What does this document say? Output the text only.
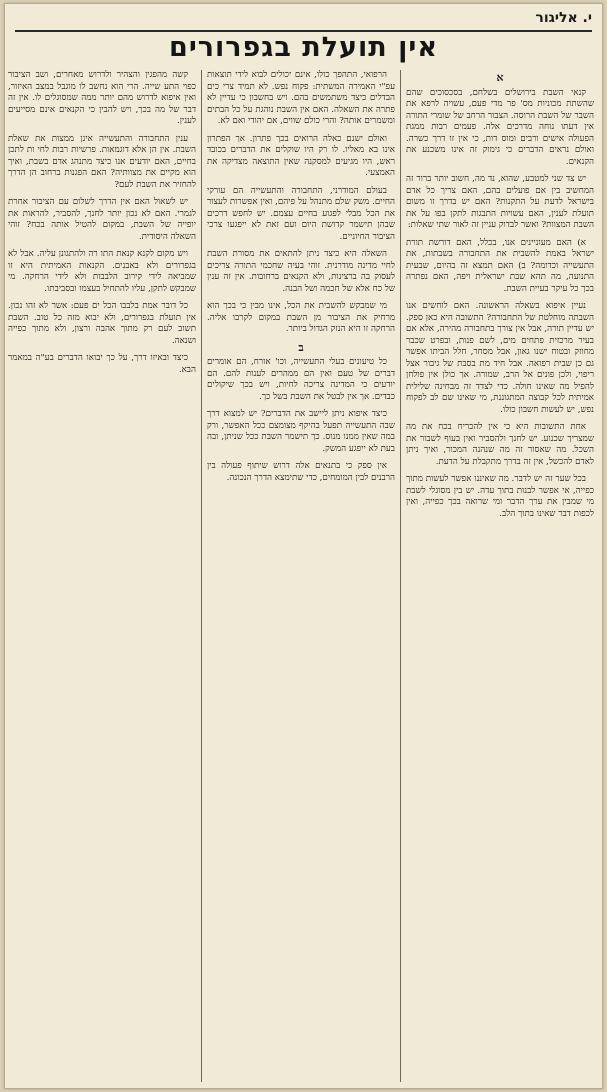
י. אליגור
אין תועלת בגפרורים

א

קנאי השבת בירושלים בשלחם, בסכסוכים שהם שהשתת מכוניות מס' פר מדי פעם, עשויה לרפא את השבר של השבת הרוסה. הצבור הרחב של שומרי התורה אין דעתו נוחה מדרכים אלה. פעמים רבות ממגת הפעולה אישים ורבים ומוס דות, כי אין זו דרך כשרה. ואולם נראים הדברים כי גימוק זה אינו משכנע את הקנאים.

יש צד שני למטבע, שהוא, נד מה, חשוב יותר ברור זה המחשיב בין אם פועלים בהם, האם צריך כל אדם בישראל לדעת על התקנות? האם יש בדרך זו משום תועלת לענין, האם עשויות התבגות לתקן בפו על את השבת המצוות? ואשר לבדוק עניין זה לאור שתי שאלות:

א) האם מעוניינים אנו, בכלל, האם דורשת תורת ישראל באמת להשבית את התחבורה בשבתות, את התעשייה וכדומה? ב) האם תמצא זה בהיום, שבעית התנועה, מה תהא שבת ישראלית ויפה, האם נפתרה בכך כל עיקר בעיית השבת.

נעיין איפוא בשאלה הראשונה. האם לוחשים אנו השבתה מוחלטת של התחבורה? התשובה היא כאן ספק. יש עדיין תורה, אבל אין צורך בתחבורה מהירה, אלא אם בעיר מרכזית פתחים מים, לשם פנות, ובפרט שכבר מחוזק ובטוח ישנו גאון, אבל מסחר, חלל הביתו אפשר גם כן שבית רפואה. אבל חיד מת בסבת של גיבור אצל ריפוי, ולכן פונים אל הרב, שמורה. אך כולן אין פולחן להפיל מה שאינו חולה. כדי לצדד זה מבחינה שלילית אמיתית לכל קבוצה המתגוננת, מי שאינו שם לב לפקוח נפש, יש לעשות חשבון כולו.

אחת התשובות היא כי אין להכריח בכח את מה שמצריך שכנוע. יש לחנך ולהסביר ואין בעוף לשבור את השכל. מה שאסור זה מה שנהנה המכור, ואיך ניתן לאדם להכשל, אין זה בדרך מתקבלת על הדעת.

בכל שער זה יש לדבר. מה שאיננו אפשר לעשות מתוך כפייה, אי אפשר לבנות בתוך עדה. יש בין מסוגלי לשבת מי שמבין את ערך הדבר ומי שרואה בכך כפייה, ואין לכפות דבר שאינו בתוך הלב.

הרפואי, התהפך כולו, אינם יכולים לבוא לידי תוצאות עפ"י האמירה המשתית: פקוח נפש. לא תמיד צרי כים הבדלים כיצד משתמשים בהם. ויש בחשבון כי עדיין לא פתרה את השאלה. האם אין השבת נוהגת על כל הבתים ומשמרים אותה? והרי כולם שווים, אם יהודי ואם לא.

ואולם ישנם כאלה הרואים בכך פתרון. אך הפתרון אינו בא מאליו. לו רק היו שוקלים את הדברים בכובד ראש, היו מגיעים למסקנה שאין התוצאה מצדיקה את האמצעי.

בעולם המודרני, התחבורה והתעשייה הם עורקי החיים. משק שלם מתנהל על פיהם, ואין אפשרות לעצור את הכל מבלי לפגוע בחיים עצמם. יש לחפש דרכים שבהן תישמר קדושת היום ועם זאת לא ייפגעו צרכי הציבור החיוניים.

השאלה היא כיצד ניתן להתאים את מסורת השבת לחיי מדינה מודרנית. זוהי בעיה שחכמי התורה צריכים לעסוק בה ברצינות, ולא הקנאים ברחובות. אין זה ענין של כח אלא של חכמה ושל הבנה.

מי שמבקש להשבית את הכל, אינו מבין כי בכך הוא מרחיק את הציבור מן השבת במקום לקרבו אליה. הרחקה זו היא הנזק הגדול ביותר.

ב

כל טיעונים בעלי התעשייה, וכו' אורח, הם אומרים דברים של טעם ואין הם ממהרים לענות להם. הם יודעים כי המדינה צריכה לחיות, ויש בכך שיקולים כבדים. אך אין לבטל את השבת בשל כך.

כיצד איפוא ניתן ליישב את הדברים? יש למצוא דרך שבה התעשייה תפעל בהיקף מצומצם ככל האפשר, ורק במה שאין ממנו מנוס. כך תישמר השבת ככל שניתן, ובה בעת לא ייפגע המשק.

אין ספק כי בתנאים אלה דרוש שיתוף פעולה בין הרבנים לבין המומחים, כדי שתימצא הדרך הנכונה.

קשה מהפגין והצהיר ולדרוש מאחרים, ושב הציבור כפוי התע שייה. הרי הוא נחשב לו מוגבל במצב האיזור, ואין איפוא לדרוש מהם יותר ממה שמסוגלים לו. אין זה דבר של מה בכך, ויש להבין כי הקנאים אינם מסייעים לענין.

ענין התחבורה והתעשייה אינן ממצות את שאלת השבת. אין הן אלא דוגמאות. פרשיות רבות לחי ות לתכן בחיים, האם יודעים אנו כיצד מתנהג אדם בשבת, ואיך הוא מקיים את מצוותיה? האם הפגנות ברחוב הן הדרך להחזיר את השבת לעם?

יש לשאול האם אין הדרך לשלום עם הציבור אחרת לגמרי. האם לא נכון יותר לחנך, להסביר, להראות את יופייה של השבת, במקום להטיל אותה בכח? זוהי השאלה היסודית.

ויש מקום לקנא קנאת התו רה ולהתגונן עליה. אבל לא בגפרורים ולא באבנים. הקנאות האמיתית היא זו שמביאה לידי קירוב הלבבות ולא לידי הרחקה. מי שמבקש לתקן, עליו להתחיל בעצמו ובסביבתו.

כל דובר אמת בלבבו הכל ים פעם: אשר לא זהו נכון. אין תועלת בגפרורים, ולא יבוא מזה כל טוב. השבת תשוב לעם רק מתוך אהבה ורצון, ולא מתוך כפייה ושנאה.

כיצד ובאיזו דרך, על כך יבואו הדברים בע"ה במאמר הבא.
